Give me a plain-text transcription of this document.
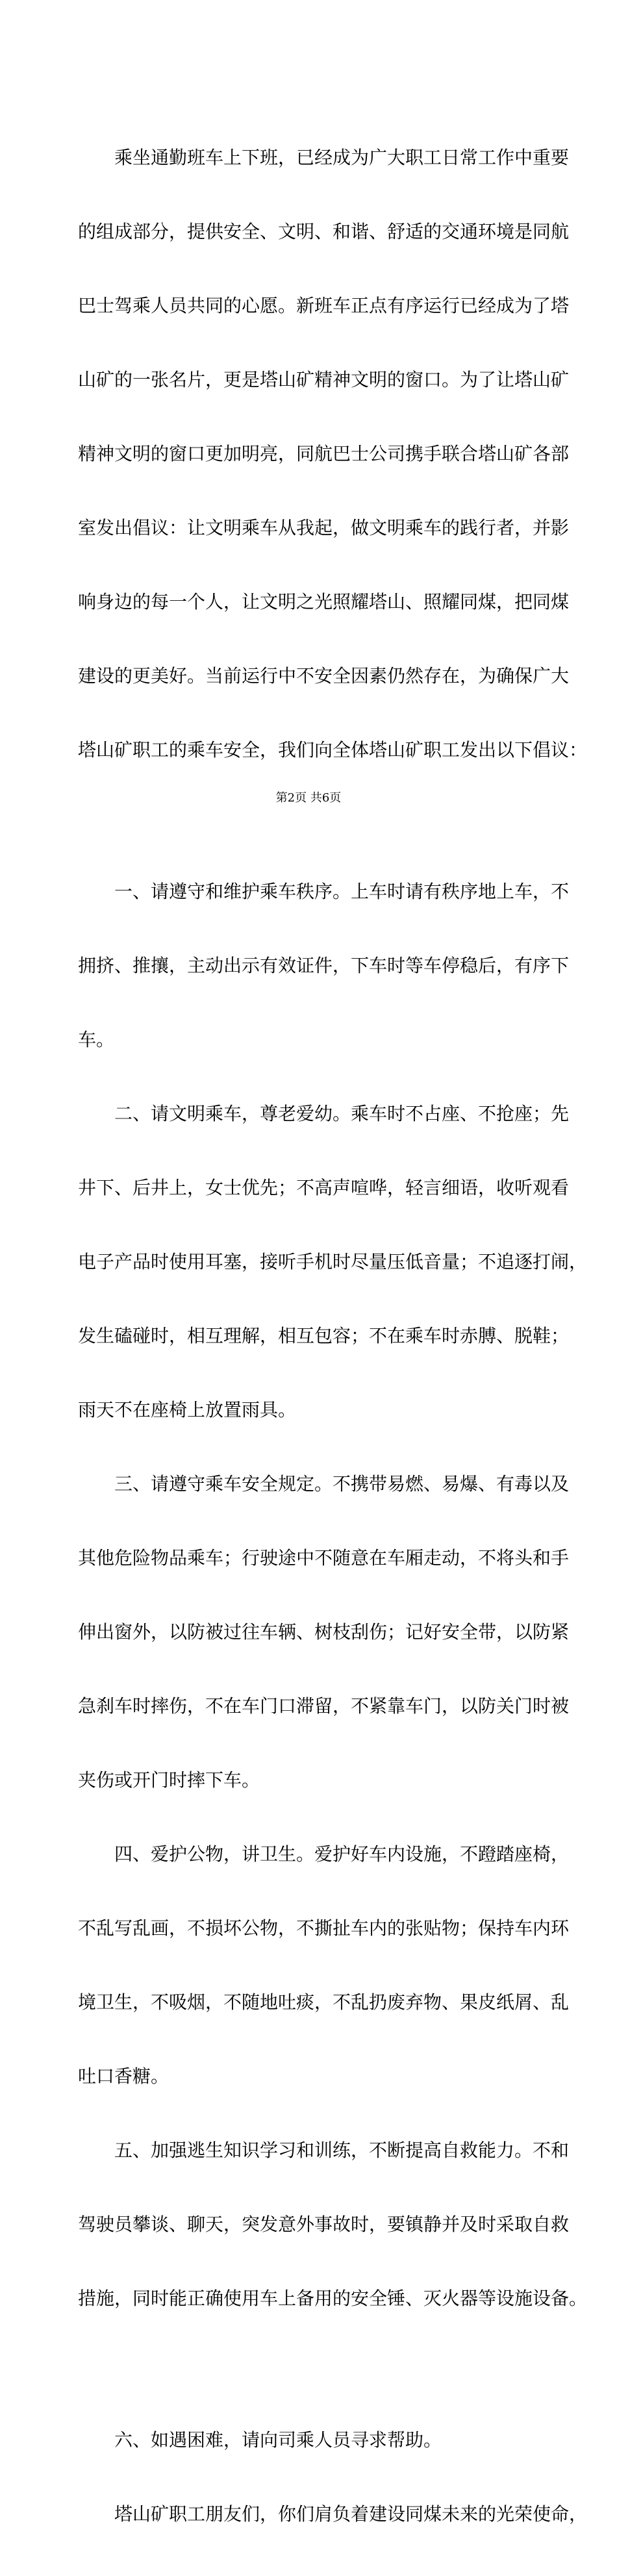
　　乘坐通勤班车上下班，已经成为广大职工日常工作中重要

的组成部分，提供安全、文明、和谐、舒适的交通环境是同航

巴士驾乘人员共同的心愿。新班车正点有序运行已经成为了塔

山矿的一张名片，更是塔山矿精神文明的窗口。为了让塔山矿

精神文明的窗口更加明亮，同航巴士公司携手联合塔山矿各部

室发出倡议：让文明乘车从我起，做文明乘车的践行者，并影

响身边的每一个人，让文明之光照耀塔山、照耀同煤，把同煤

建设的更美好。当前运行中不安全因素仍然存在，为确保广大

塔山矿职工的乘车安全，我们向全体塔山矿职工发出以下倡议：

　　一、请遵守和维护乘车秩序。上车时请有秩序地上车，不

拥挤、推攘，主动出示有效证件，下车时等车停稳后，有序下

车。

　　二、请文明乘车，尊老爱幼。乘车时不占座、不抢座；先

井下、后井上，女士优先；不高声喧哗，轻言细语，收听观看

电子产品时使用耳塞，接听手机时尽量压低音量；不追逐打闹，

发生磕碰时，相互理解，相互包容；不在乘车时赤膊、脱鞋；

雨天不在座椅上放置雨具。

　　三、请遵守乘车安全规定。不携带易燃、易爆、有毒以及

其他危险物品乘车；行驶途中不随意在车厢走动，不将头和手

伸出窗外，以防被过往车辆、树枝刮伤；记好安全带，以防紧

急刹车时摔伤，不在车门口滞留，不紧靠车门，以防关门时被

夹伤或开门时摔下车。

　　四、爱护公物，讲卫生。爱护好车内设施，不蹬踏座椅，

不乱写乱画，不损坏公物，不撕扯车内的张贴物；保持车内环

境卫生，不吸烟，不随地吐痰，不乱扔废弃物、果皮纸屑、乱

吐口香糖。

　　五、加强逃生知识学习和训练，不断提高自救能力。不和

驾驶员攀谈、聊天，突发意外事故时，要镇静并及时采取自救

措施，同时能正确使用车上备用的安全锤、灭火器等设施设备。

　　六、如遇困难，请向司乘人员寻求帮助。

　　塔山矿职工朋友们，你们肩负着建设同煤未来的光荣使命，

第2页 共6页
